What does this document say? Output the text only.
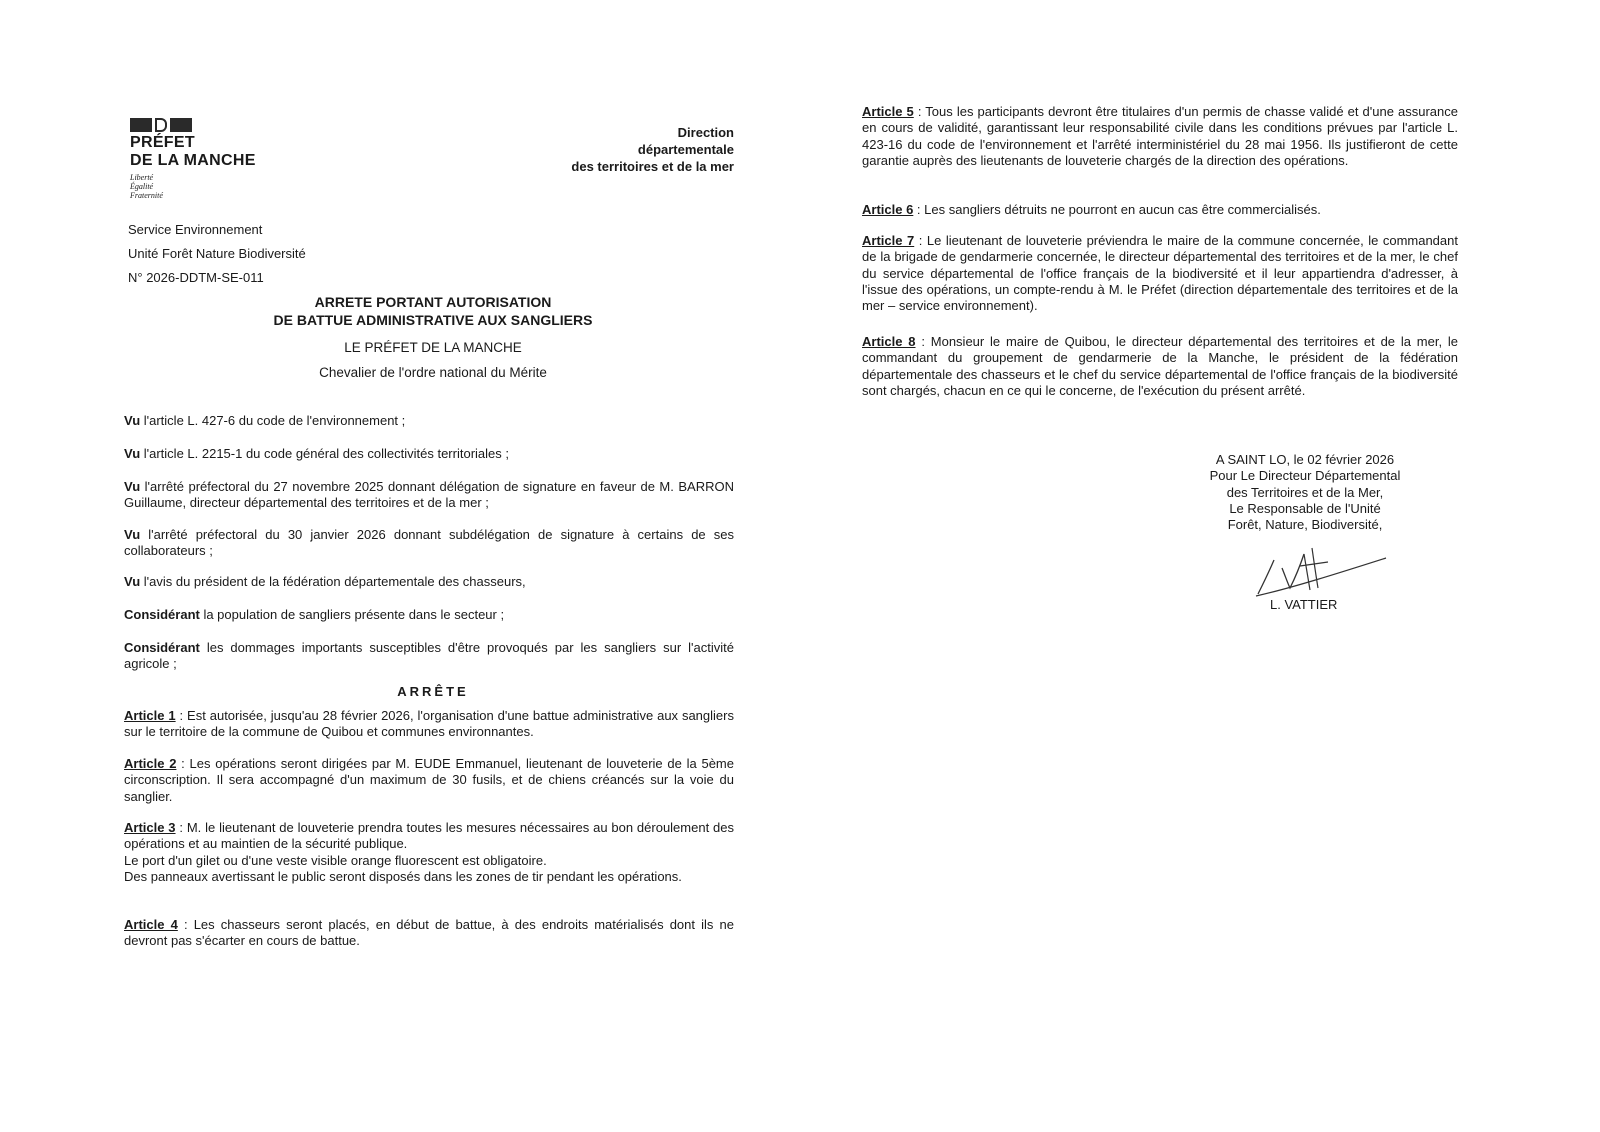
PRÉFET
DE LA MANCHE
Liberté
Égalité
Fraternité
Direction
départementale
des territoires et de la mer
Service Environnement
Unité Forêt Nature Biodiversité
N° 2026-DDTM-SE-011
ARRETE PORTANT AUTORISATION
DE BATTUE ADMINISTRATIVE AUX SANGLIERS
LE PRÉFET DE LA MANCHE
Chevalier de l'ordre national du Mérite
Vu l'article L. 427-6 du code de l'environnement ;
Vu l'article L. 2215-1 du code général des collectivités territoriales ;
Vu l'arrêté préfectoral du 27 novembre 2025 donnant délégation de signature en faveur de M. BARRON Guillaume, directeur départemental des territoires et de la mer ;
Vu l'arrêté préfectoral du 30 janvier 2026 donnant subdélégation de signature à certains de ses collaborateurs ;
Vu l'avis du président de la fédération départementale des chasseurs,
Considérant la population de sangliers présente dans le secteur ;
Considérant les dommages importants susceptibles d'être provoqués par les sangliers sur l'activité agricole ;
ARRÊTE
Article 1 : Est autorisée, jusqu'au 28 février 2026, l'organisation d'une battue administrative aux sangliers sur le territoire de la commune de Quibou et communes environnantes.
Article 2 : Les opérations seront dirigées par M. EUDE Emmanuel, lieutenant de louveterie de la 5ème circonscription. Il sera accompagné d'un maximum de 30 fusils, et de chiens créancés sur la voie du sanglier.
Article 3 : M. le lieutenant de louveterie prendra toutes les mesures nécessaires au bon déroulement des opérations et au maintien de la sécurité publique.
Le port d'un gilet ou d'une veste visible orange fluorescent est obligatoire.
Des panneaux avertissant le public seront disposés dans les zones de tir pendant les opérations.
Article 4 : Les chasseurs seront placés, en début de battue, à des endroits matérialisés dont ils ne devront pas s'écarter en cours de battue.
Article 5 : Tous les participants devront être titulaires d'un permis de chasse validé et d'une assurance en cours de validité, garantissant leur responsabilité civile dans les conditions prévues par l'article L. 423-16 du code de l'environnement et l'arrêté interministériel du 28 mai 1956. Ils justifieront de cette garantie auprès des lieutenants de louveterie chargés de la direction des opérations.
Article 6 : Les sangliers détruits ne pourront en aucun cas être commercialisés.
Article 7 : Le lieutenant de louveterie préviendra le maire de la commune concernée, le commandant de la brigade de gendarmerie concernée, le directeur départemental des territoires et de la mer, le chef du service départemental de l'office français de la biodiversité et il leur appartiendra d'adresser, à l'issue des opérations, un compte-rendu à M. le Préfet (direction départementale des territoires et de la mer – service environnement).
Article 8 : Monsieur le maire de Quibou, le directeur départemental des territoires et de la mer, le commandant du groupement de gendarmerie de la Manche, le président de la fédération départementale des chasseurs et le chef du service départemental de l'office français de la biodiversité sont chargés, chacun en ce qui le concerne, de l'exécution du présent arrêté.
A SAINT LO, le 02 février 2026
Pour Le Directeur Départemental
des Territoires et de la Mer,
Le Responsable de l'Unité
Forêt, Nature, Biodiversité,
L. VATTIER
